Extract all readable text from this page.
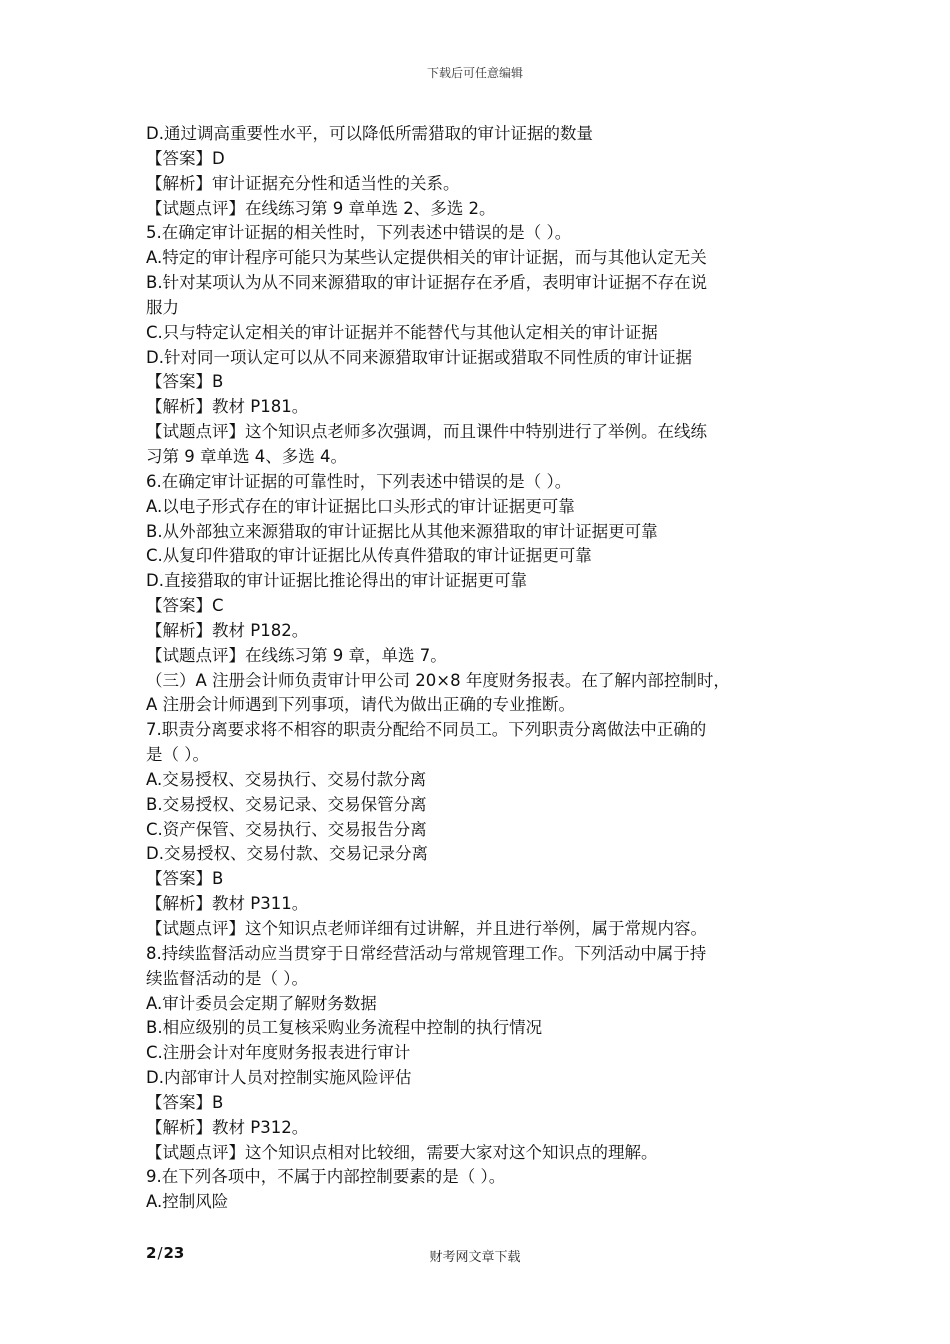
下载后可任意编辑
D.通过调高重要性水平，可以降低所需猎取的审计证据的数量
【答案】D
【解析】审计证据充分性和适当性的关系。
【试题点评】在线练习第 9 章单选 2、多选 2。
5.在确定审计证据的相关性时，下列表述中错误的是（ ）。
A.特定的审计程序可能只为某些认定提供相关的审计证据，而与其他认定无关
B.针对某项认为从不同来源猎取的审计证据存在矛盾，表明审计证据不存在说
服力
C.只与特定认定相关的审计证据并不能替代与其他认定相关的审计证据
D.针对同一项认定可以从不同来源猎取审计证据或猎取不同性质的审计证据
【答案】B
【解析】教材 P181。
【试题点评】这个知识点老师多次强调，而且课件中特别进行了举例。在线练
习第 9 章单选 4、多选 4。
6.在确定审计证据的可靠性时，下列表述中错误的是（ ）。
A.以电子形式存在的审计证据比口头形式的审计证据更可靠
B.从外部独立来源猎取的审计证据比从其他来源猎取的审计证据更可靠
C.从复印件猎取的审计证据比从传真件猎取的审计证据更可靠
D.直接猎取的审计证据比推论得出的审计证据更可靠
【答案】C
【解析】教材 P182。
【试题点评】在线练习第 9 章，单选 7。
（三）A 注册会计师负责审计甲公司 20×8 年度财务报表。在了解内部控制时，
A 注册会计师遇到下列事项，请代为做出正确的专业推断。
7.职责分离要求将不相容的职责分配给不同员工。下列职责分离做法中正确的
是（ ）。
A.交易授权、交易执行、交易付款分离
B.交易授权、交易记录、交易保管分离
C.资产保管、交易执行、交易报告分离
D.交易授权、交易付款、交易记录分离
【答案】B
【解析】教材 P311。
【试题点评】这个知识点老师详细有过讲解，并且进行举例，属于常规内容。
8.持续监督活动应当贯穿于日常经营活动与常规管理工作。下列活动中属于持
续监督活动的是（ ）。
A.审计委员会定期了解财务数据
B.相应级别的员工复核采购业务流程中控制的执行情况
C.注册会计对年度财务报表进行审计
D.内部审计人员对控制实施风险评估
【答案】B
【解析】教材 P312。
【试题点评】这个知识点相对比较细，需要大家对这个知识点的理解。
9.在下列各项中，不属于内部控制要素的是（ ）。
A.控制风险
2/23	财考网文章下载
